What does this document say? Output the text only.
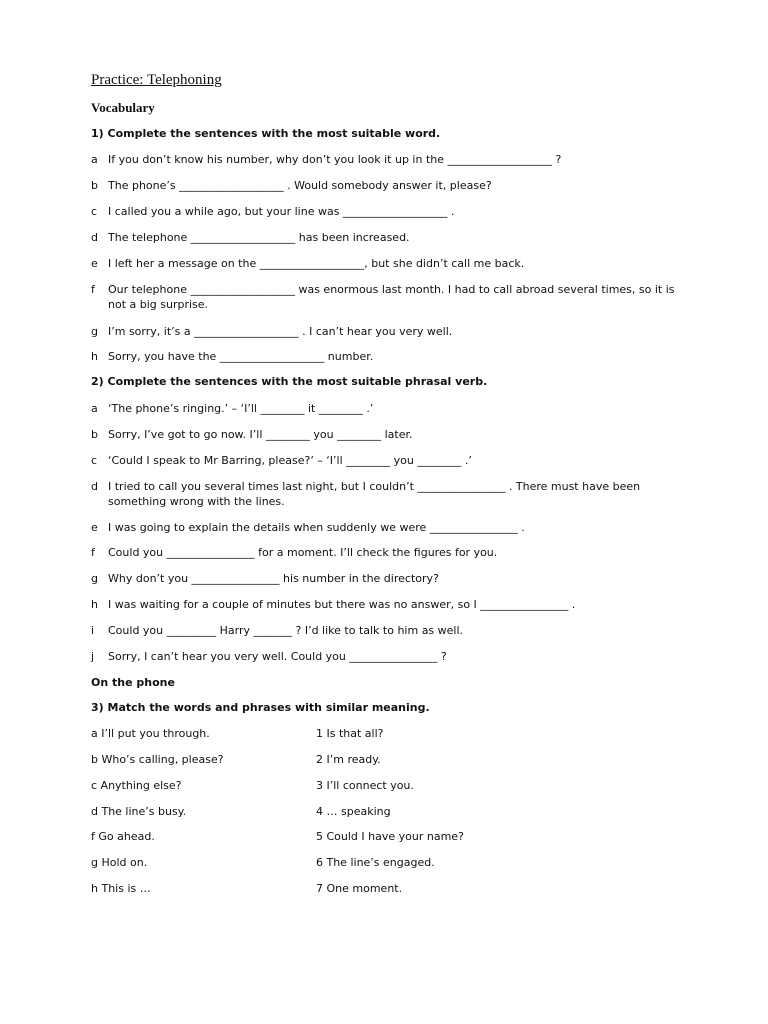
Practice: Telephoning
Vocabulary
1) Complete the sentences with the most suitable word.
a If you don’t know his number, why don’t you look it up in the ___________________ ?
b The phone’s ___________________ . Would somebody answer it, please?
c I called you a while ago, but your line was ___________________ .
d The telephone ___________________ has been increased.
e I left her a message on the ___________________, but she didn’t call me back.
f Our telephone ___________________ was enormous last month. I had to call abroad several times, so it is not a big surprise.
g I’m sorry, it’s a ___________________ . I can’t hear you very well.
h Sorry, you have the ___________________ number.
2) Complete the sentences with the most suitable phrasal verb.
a ‘The phone’s ringing.’ – ‘I’ll ________ it ________ .’
b Sorry, I’ve got to go now. I’ll ________ you ________ later.
c ‘Could I speak to Mr Barring, please?’ – ‘I’ll ________ you ________ .’
d I tried to call you several times last night, but I couldn’t ________________ . There must have been something wrong with the lines.
e I was going to explain the details when suddenly we were ________________ .
f Could you ________________ for a moment. I’ll check the figures for you.
g Why don’t you ________________ his number in the directory?
h I was waiting for a couple of minutes but there was no answer, so I ________________ .
i Could you _________ Harry _______ ? I’d like to talk to him as well.
j Sorry, I can’t hear you very well. Could you ________________ ?
On the phone
3) Match the words and phrases with similar meaning.
a I’ll put you through.	1 Is that all?
b Who’s calling, please?	2 I’m ready.
c Anything else?	3 I’ll connect you.
d The line’s busy.	4 … speaking
f Go ahead.	5 Could I have your name?
g Hold on.	6 The line’s engaged.
h This is …	7 One moment.
